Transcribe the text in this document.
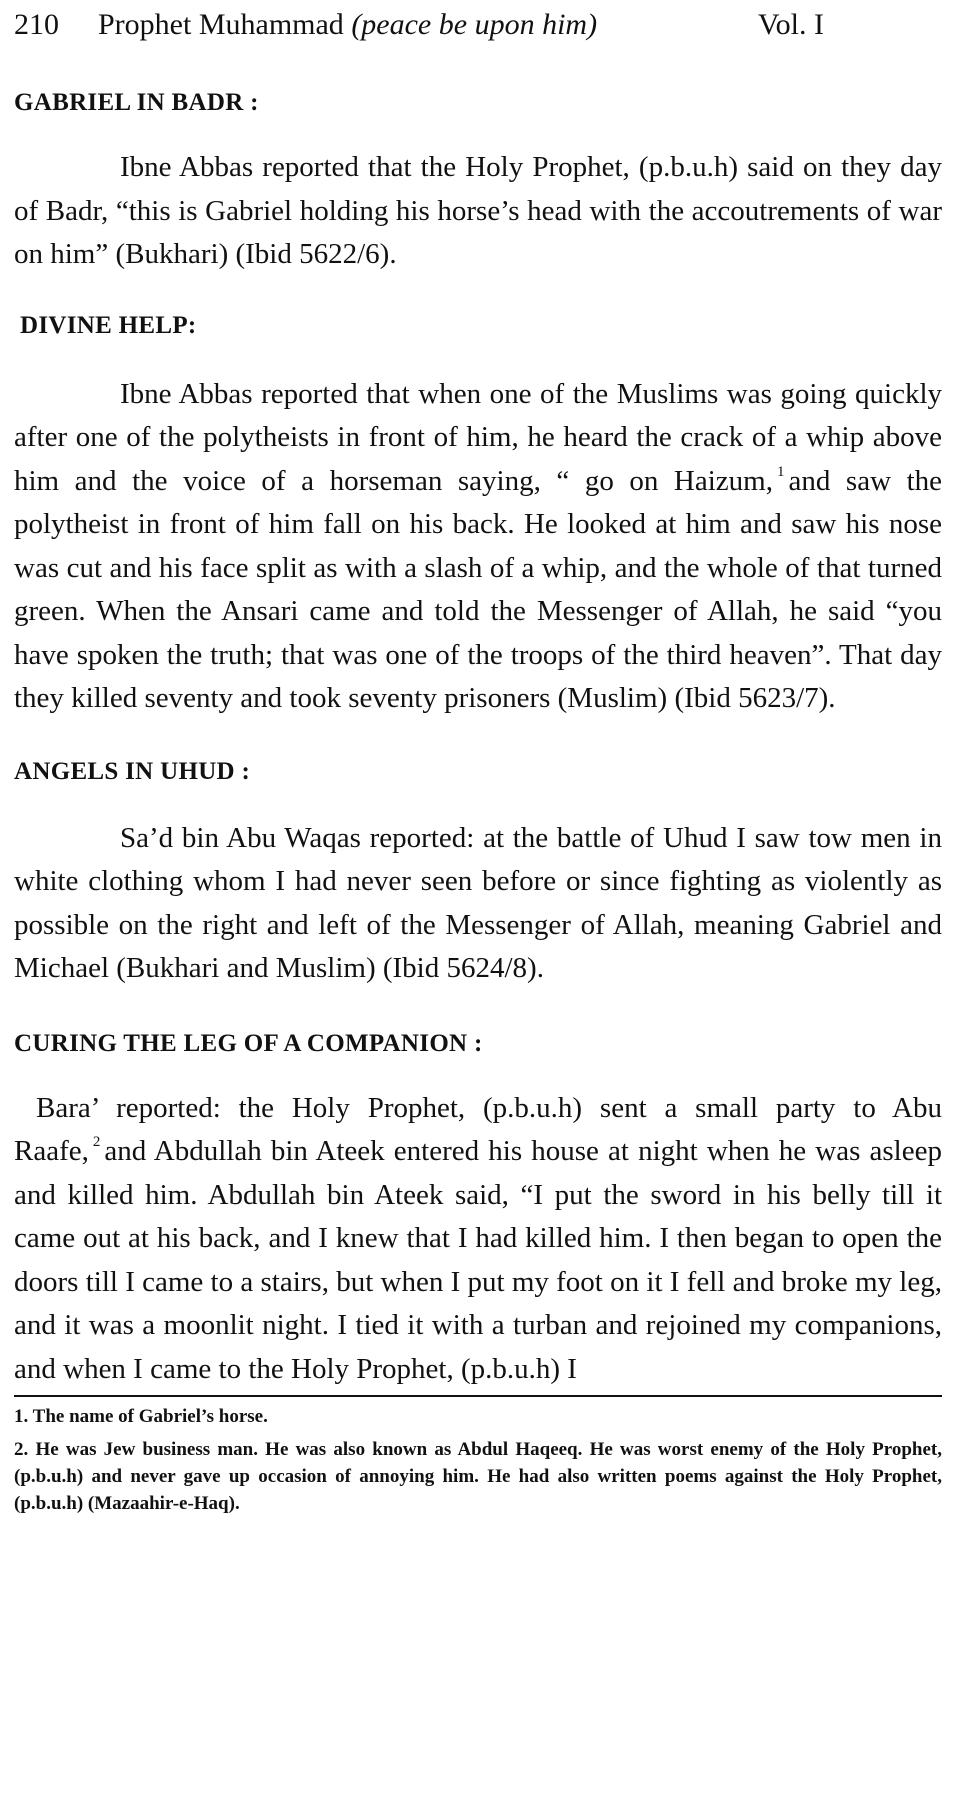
210 Prophet Muhammad (peace be upon him)	Vol. I
GABRIEL IN BADR :

Ibne Abbas reported that the Holy Prophet, (p.b.u.h) said on they day of Badr, “this is Gabriel holding his horse’s head with the accoutrements of war on him” (Bukhari) (Ibid 5622/6).

DIVINE HELP:

Ibne Abbas reported that when one of the Muslims was going quickly after one of the polytheists in front of him, he heard the crack of a whip above him and the voice of a horseman saying, “ go on Haizum, $^1$ and saw the polytheist in front of him fall on his back. He looked at him and saw his nose was cut and his face split as with a slash of a whip, and the whole of that turned green. When the Ansari came and told the Messenger of Allah, he said “you have spoken the truth; that was one of the troops of the third heaven”. That day they killed seventy and took seventy prisoners (Muslim) (Ibid 5623/7).

ANGELS IN UHUD :

Sa’d bin Abu Waqas reported: at the battle of Uhud I saw tow men in white clothing whom I had never seen before or since fighting as violently as possible on the right and left of the Messenger of Allah, meaning Gabriel and Michael (Bukhari and Muslim) (Ibid 5624/8).

CURING THE LEG OF A COMPANION :

Bara’ reported: the Holy Prophet, (p.b.u.h) sent a small party to Abu Raafe, $^2$ and Abdullah bin Ateek entered his house at night when he was asleep and killed him. Abdullah bin Ateek said, “I put the sword in his belly till it came out at his back, and I knew that I had killed him. I then began to open the doors till I came to a stairs, but when I put my foot on it I fell and broke my leg, and it was a moonlit night. I tied it with a turban and rejoined my companions, and when I came to the Holy Prophet, (p.b.u.h) I

1. The name of Gabriel’s horse.

2. He was Jew business man. He was also known as Abdul Haqeeq. He was worst enemy of the Holy Prophet, (p.b.u.h) and never gave up occasion of annoying him. He had also written poems against the Holy Prophet, (p.b.u.h) (Mazaahir-e-Haq).
